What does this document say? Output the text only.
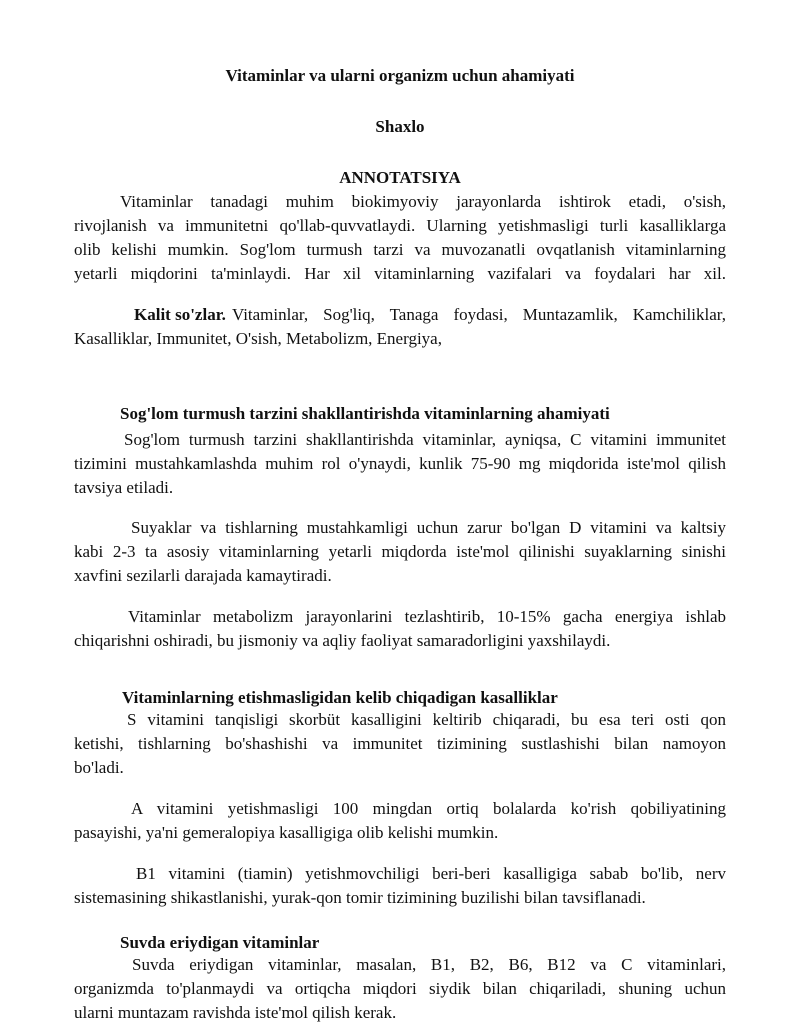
Vitaminlar va ularni organizm uchun ahamiyati
Shaxlo
ANNOTATSIYA
Vitaminlar tanadagi muhim biokimyoviy jarayonlarda ishtirok etadi, o'sish,
rivojlanish va immunitetni qo'llab-quvvatlaydi. Ularning yetishmasligi turli kasalliklarga
olib kelishi mumkin. Sog'lom turmush tarzi va muvozanatli ovqatlanish vitaminlarning
yetarli miqdorini ta'minlaydi. Har xil vitaminlarning vazifalari va foydalari har xil.
Kalit so'zlar. Vitaminlar, Sog'liq, Tanaga foydasi, Muntazamlik, Kamchiliklar,
Kasalliklar, Immunitet, O'sish, Metabolizm, Energiya,
Sog'lom turmush tarzini shakllantirishda vitaminlarning ahamiyati
Sog'lom turmush tarzini shakllantirishda vitaminlar, ayniqsa, C vitamini immunitet
tizimini mustahkamlashda muhim rol o'ynaydi, kunlik 75-90 mg miqdorida iste'mol qilish
tavsiya etiladi.
Suyaklar va tishlarning mustahkamligi uchun zarur bo'lgan D vitamini va kaltsiy
kabi 2-3 ta asosiy vitaminlarning yetarli miqdorda iste'mol qilinishi suyaklarning sinishi
xavfini sezilarli darajada kamaytiradi.
Vitaminlar metabolizm jarayonlarini tezlashtirib, 10-15% gacha energiya ishlab
chiqarishni oshiradi, bu jismoniy va aqliy faoliyat samaradorligini yaxshilaydi.
Vitaminlarning etishmasligidan kelib chiqadigan kasalliklar
S vitamini tanqisligi skorbüt kasalligini keltirib chiqaradi, bu esa teri osti qon
ketishi, tishlarning bo'shashishi va immunitet tizimining sustlashishi bilan namoyon
bo'ladi.
A vitamini yetishmasligi 100 mingdan ortiq bolalarda ko'rish qobiliyatining
pasayishi, ya'ni gemeralopiya kasalligiga olib kelishi mumkin.
B1 vitamini (tiamin) yetishmovchiligi beri-beri kasalligiga sabab bo'lib, nerv
sistemasining shikastlanishi, yurak-qon tomir tizimining buzilishi bilan tavsiflanadi.
Suvda eriydigan vitaminlar
Suvda eriydigan vitaminlar, masalan, B1, B2, B6, B12 va C vitaminlari,
organizmda to'planmaydi va ortiqcha miqdori siydik bilan chiqariladi, shuning uchun
ularni muntazam ravishda iste'mol qilish kerak.
